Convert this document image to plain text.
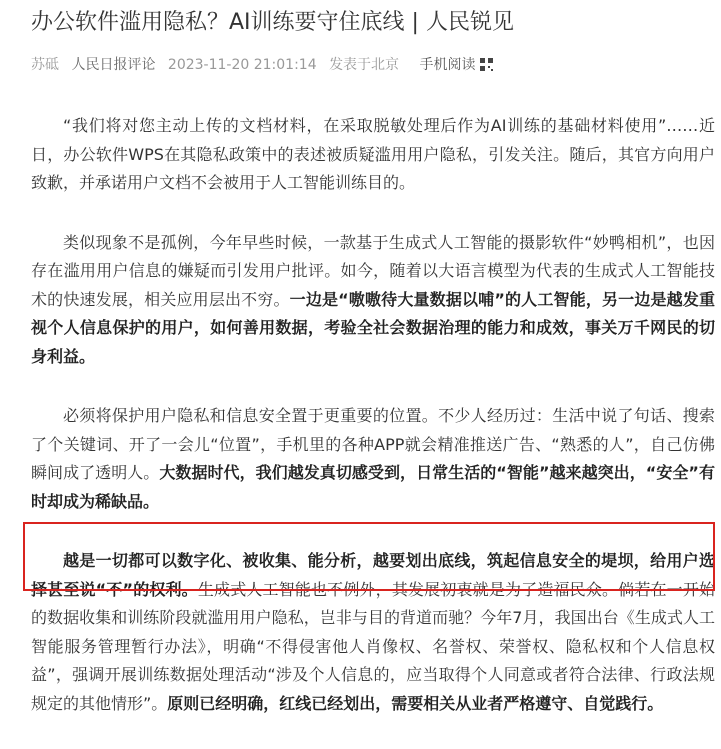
办公软件滥用隐私？AI训练要守住底线 | 人民锐见
苏砥 人民日报评论 2023-11-20 21:01:14 发表于北京 手机阅读

“我们将对您主动上传的文档材料，在采取脱敏处理后作为AI训练的基础材料使用”……近日，办公软件WPS在其隐私政策中的表述被质疑滥用用户隐私，引发关注。随后，其官方向用户致歉，并承诺用户文档不会被用于人工智能训练目的。

类似现象不是孤例，今年早些时候，一款基于生成式人工智能的摄影软件“妙鸭相机”，也因存在滥用用户信息的嫌疑而引发用户批评。如今，随着以大语言模型为代表的生成式人工智能技术的快速发展，相关应用层出不穷。一边是“嗷嗷待大量数据以哺”的人工智能，另一边是越发重视个人信息保护的用户，如何善用数据，考验全社会数据治理的能力和成效，事关万千网民的切身利益。

必须将保护用户隐私和信息安全置于更重要的位置。不少人经历过：生活中说了句话、搜索了个关键词、开了一会儿“位置”，手机里的各种APP就会精准推送广告、“熟悉的人”，自己仿佛瞬间成了透明人。大数据时代，我们越发真切感受到，日常生活的“智能”越来越突出，“安全”有时却成为稀缺品。

越是一切都可以数字化、被收集、能分析，越要划出底线，筑起信息安全的堤坝，给用户选择甚至说“不”的权利。生成式人工智能也不例外，其发展初衷就是为了造福民众。倘若在一开始的数据收集和训练阶段就滥用用户隐私，岂非与目的背道而驰？今年7月，我国出台《生成式人工智能服务管理暂行办法》，明确“不得侵害他人肖像权、名誉权、荣誉权、隐私权和个人信息权益”，强调开展训练数据处理活动“涉及个人信息的，应当取得个人同意或者符合法律、行政法规规定的其他情形”。原则已经明确，红线已经划出，需要相关从业者严格遵守、自觉践行。
